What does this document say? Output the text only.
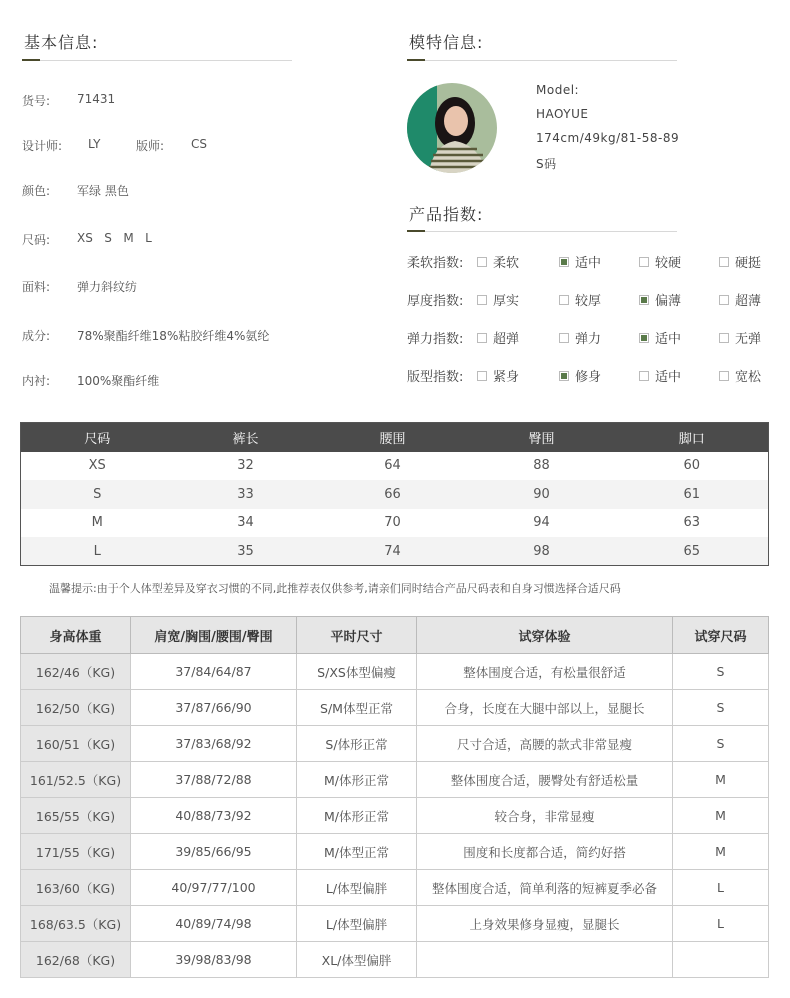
基本信息:
货号:	71431
设计师:	LY	版师:	CS
颜色:	军绿 黑色
尺码:	XS   S   M   L
面料:	弹力斜纹纺
成分:	78%聚酯纤维18%粘胶纤维4%氨纶
内衬:	100%聚酯纤维
模特信息:
Model:
HAOYUE
174cm/49kg/81-58-89
S码
产品指数:
柔软指数: 柔软	适中	较硬	硬挺
厚度指数: 厚实	较厚	偏薄	超薄
弹力指数: 超弹	弹力	适中	无弹
版型指数: 紧身	修身	适中	宽松
尺码	裤长	腰围	臀围	脚口
XS	32	64	88	60
S	33	66	90	61
M	34	70	94	63
L	35	74	98	65
温馨提示:由于个人体型差异及穿衣习惯的不同,此推荐表仅供参考,请亲们同时结合产品尺码表和自身习惯选择合适尺码
身高体重	肩宽/胸围/腰围/臀围	平时尺寸	试穿体验	试穿尺码
162/46（KG)	37/84/64/87	S/XS体型偏瘦	整体围度合适，有松量很舒适	S
162/50（KG)	37/87/66/90	S/M体型正常	合身，长度在大腿中部以上，显腿长	S
160/51（KG)	37/83/68/92	S/体形正常	尺寸合适，高腰的款式非常显瘦	S
161/52.5（KG)	37/88/72/88	M/体形正常	整体围度合适，腰臀处有舒适松量	M
165/55（KG)	40/88/73/92	M/体形正常	较合身，非常显瘦	M
171/55（KG)	39/85/66/95	M/体型正常	围度和长度都合适，简约好搭	M
163/60（KG)	40/97/77/100	L/体型偏胖	整体围度合适，简单利落的短裤夏季必备	L
168/63.5（KG)	40/89/74/98	L/体型偏胖	上身效果修身显瘦，显腿长	L
162/68（KG)	39/98/83/98	XL/体型偏胖		
